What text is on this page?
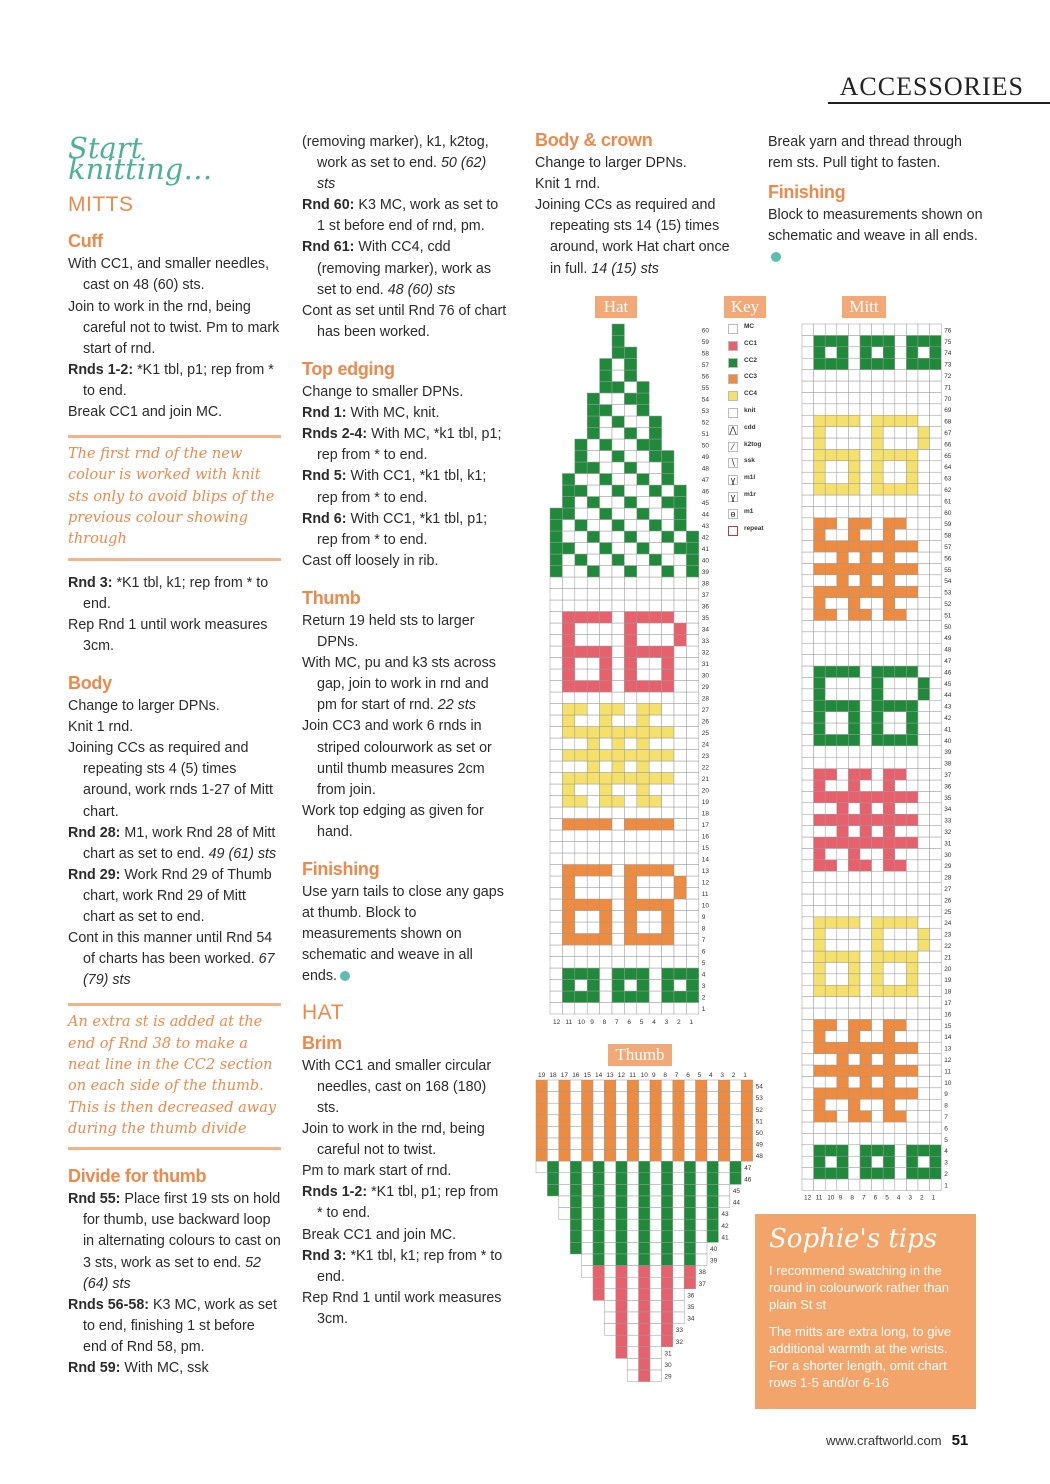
ACCESSORIES

Start knitting…

MITTS
Cuff

With CC1, and smaller needles, cast on 48 (60) sts.

Join to work in the rnd, being careful not to twist. Pm to mark start of rnd.

Rnds 1-2: *K1 tbl, p1; rep from * to end.

Break CC1 and join MC.

The first rnd of the new colour is worked with knit sts only to avoid blips of the previous colour showing through

Rnd 3: *K1 tbl, k1; rep from * to end.

Rep Rnd 1 until work measures 3cm.

Body

Change to larger DPNs.

Knit 1 rnd.

Joining CCs as required and repeating sts 4 (5) times around, work rnds 1-27 of Mitt chart.

Rnd 28: M1, work Rnd 28 of Mitt chart as set to end. 49 (61) sts

Rnd 29: Work Rnd 29 of Thumb chart, work Rnd 29 of Mitt chart as set to end.

Cont in this manner until Rnd 54 of charts has been worked. 67 (79) sts

An extra st is added at the end of Rnd 38 to make a neat line in the CC2 section on each side of the thumb. This is then decreased away during the thumb divide
Divide for thumb

Rnd 55: Place first 19 sts on hold for thumb, use backward loop in alternating colours to cast on 3 sts, work as set to end. 52 (64) sts

Rnds 56-58: K3 MC, work as set to end, finishing 1 st before end of Rnd 58, pm.

Rnd 59: With MC, ssk

(removing marker), k1, k2tog, work as set to end. 50 (62) sts

Rnd 60: K3 MC, work as set to 1 st before end of rnd, pm.

Rnd 61: With CC4, cdd (removing marker), work as set to end. 48 (60) sts

Cont as set until Rnd 76 of chart has been worked.

Top edging

Change to smaller DPNs.

Rnd 1: With MC, knit.

Rnds 2-4: With MC, *k1 tbl, p1; rep from * to end.

Rnd 5: With CC1, *k1 tbl, k1; rep from * to end.

Rnd 6: With CC1, *k1 tbl, p1; rep from * to end.

Cast off loosely in rib.

Thumb

Return 19 held sts to larger DPNs.

With MC, pu and k3 sts across gap, join to work in rnd and pm for start of rnd. 22 sts

Join CC3 and work 6 rnds in striped colourwork as set or until thumb measures 2cm from join.

Work top edging as given for hand.

Finishing

Use yarn tails to close any gaps at thumb. Block to measurements shown on schematic and weave in all ends.

HAT
Brim

With CC1 and smaller circular needles, cast on 168 (180) sts.

Join to work in the rnd, being careful not to twist.

Pm to mark start of rnd.

Rnds 1-2: *K1 tbl, p1; rep from * to end.

Break CC1 and join MC.

Rnd 3: *K1 tbl, k1; rep from * to end.

Rep Rnd 1 until work measures 3cm.

Body & crown

Change to larger DPNs.

Knit 1 rnd.

Joining CCs as required and repeating sts 14 (15) times around, work Hat chart once in full. 14 (15) sts

Break yarn and thread through rem sts. Pull tight to fasten.

Finishing

Block to measurements shown on schematic and weave in all ends.

Hat	Key	Mitt
Thumb
1
2
3
4
5
6
7
8
9
10
11
12
13
14
15
16
17
18
19
20
21
22
23
24
25
26
27
28
29
30
31
32
33
34
35
36
37
38
39
40
41
42
43
44
45
46
47
48
49
50
51
52
53
54
55
56
57
58
59
60
12 11 10 9 8 7 6 5 4 3 2 1
1
2
3
4
5
6
7
8
9
10
11
12
13
14
15
16
17
18
19
20
21
22
23
24
25
26
27
28
29
30
31
32
33
34
35
36
37
38
39
40
41
42
43
44
45
46
47
48
49
50
51
52
53
54
55
56
57
58
59
60
61
62
63
64
65
66
67
68
69
70
71
72
73
74
75
76
12 11 10 9 8 7 6 5 4 3 2 1
19 18 17 16 15 14 13 12 11 10 9 8 7 6 5 4 3 2 1
54
53
52
51
50
49
48
47
46
45
44
43
42
41
40
39
38
37
36
35
34
33
32
31
30
29
MC
CC1
CC2
CC3
CC4
knit
⋀ cdd
⁄	k2tog
∖	ssk
ɣ	m1l
ɣ	m1r
ɵ	m1
repeat
Sophie's tips

I recommend swatching in the round in colourwork rather than plain St st

The mitts are extra long, to give additional warmth at the wrists. For a shorter length, omit chart rows 1-5 and/or 6-16

www.craftworld.com 51
